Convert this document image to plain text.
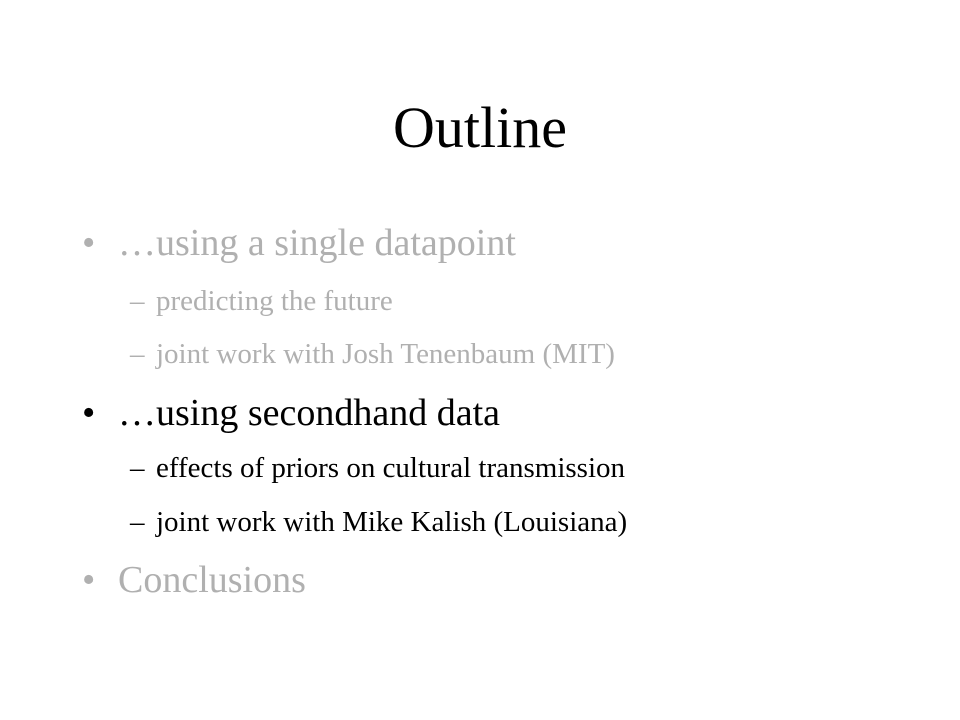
Outline
• …using a single datapoint
– predicting the future
– joint work with Josh Tenenbaum (MIT)
• …using secondhand data
– effects of priors on cultural transmission
– joint work with Mike Kalish (Louisiana)
• Conclusions
